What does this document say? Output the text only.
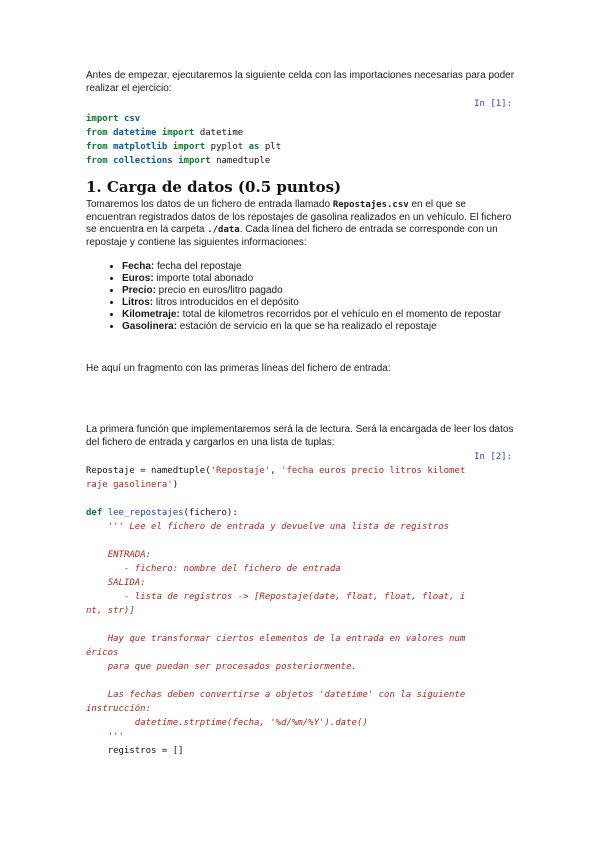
Antes de empezar, ejecutaremos la siguiente celda con las importaciones necesarias para poder realizar el ejercicio:

In [1]:
import csv
from datetime import datetime
from matplotlib import pyplot as plt
from collections import namedtuple
1. Carga de datos (0.5 puntos)

Tomaremos los datos de un fichero de entrada llamado Repostajes.csv en el que se encuentran registrados datos de los repostajes de gasolina realizados en un vehículo. El fichero se encuentra en la carpeta ./data. Cada línea del fichero de entrada se corresponde con un repostaje y contiene las siguientes informaciones:

• Fecha: fecha del repostaje
• Euros: importe total abonado
• Precio: precio en euros/litro pagado
• Litros: litros introducidos en el depósito
• Kilometraje: total de kilometros recorridos por el vehículo en el momento de repostar
• Gasolinera: estación de servicio en la que se ha realizado el repostaje

He aquí un fragmento con las primeras líneas del fichero de entrada:

La primera función que implementaremos será la de lectura. Será la encargada de leer los datos del fichero de entrada y cargarlos en una lista de tuplas:

In [2]:
Repostaje = namedtuple('Repostaje', 'fecha euros precio litros kilomet
raje gasolinera')
def lee_repostajes(fichero):
''' Lee el fichero de entrada y devuelve una lista de registros
ENTRADA:
- fichero: nombre del fichero de entrada
SALIDA:
- lista de registros -> [Repostaje(date, float, float, float, i
nt, str)]
Hay que transformar ciertos elementos de la entrada en valores num
éricos
para que puedan ser procesados posteriormente.
Las fechas deben convertirse a objetos 'datetime' con la siguiente
instrucción:
datetime.strptime(fecha, '%d/%m/%Y').date()
'''
registros = []
